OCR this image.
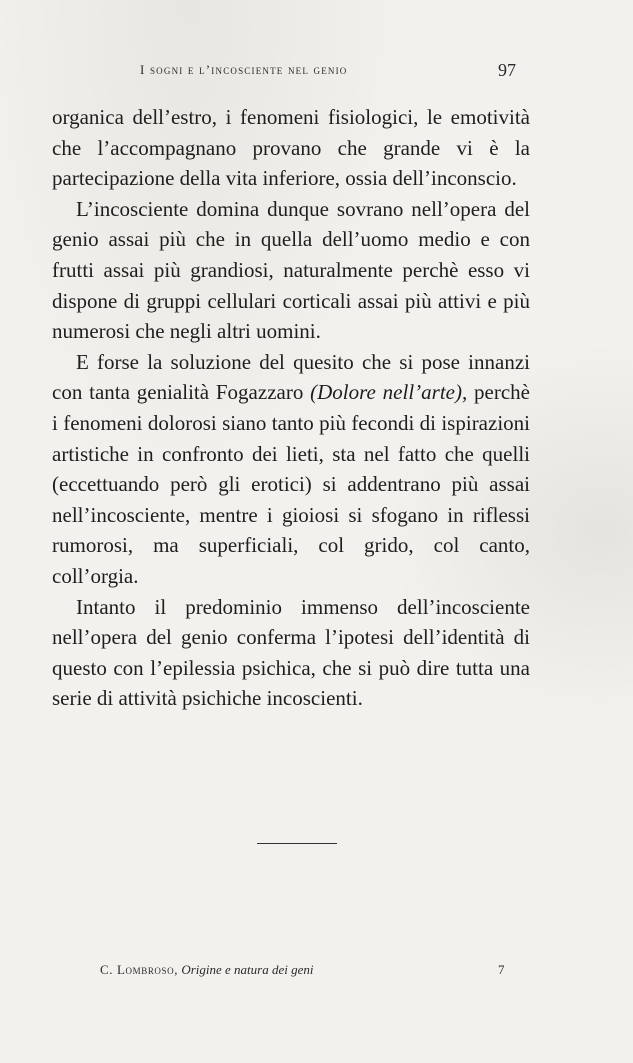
I sogni e l’incosciente nel genio	97

organica dell’estro, i fenomeni fisiologici, le emotività che l’accompagnano provano che grande vi è la partecipazione della vita inferiore, ossia dell’inconscio.

L’incosciente domina dunque sovrano nell’opera del genio assai più che in quella dell’uomo medio e con frutti assai più grandiosi, naturalmente perchè esso vi dispone di gruppi cellulari corticali assai più attivi e più numerosi che negli altri uomini.

E forse la soluzione del quesito che si pose innanzi con tanta genialità Fogazzaro (Dolore nell’arte), perchè i fenomeni dolorosi siano tanto più fecondi di ispirazioni artistiche in confronto dei lieti, sta nel fatto che quelli (eccettuando però gli erotici) si addentrano più assai nell’incosciente, mentre i gioiosi si sfogano in riflessi rumorosi, ma superficiali, col grido, col canto, coll’orgia.

Intanto il predominio immenso dell’incosciente nell’opera del genio conferma l’ipotesi dell’identità di questo con l’epilessia psichica, che si può dire tutta una serie di attività psichiche incoscienti.

C. Lombroso, Origine e natura dei geni	7
